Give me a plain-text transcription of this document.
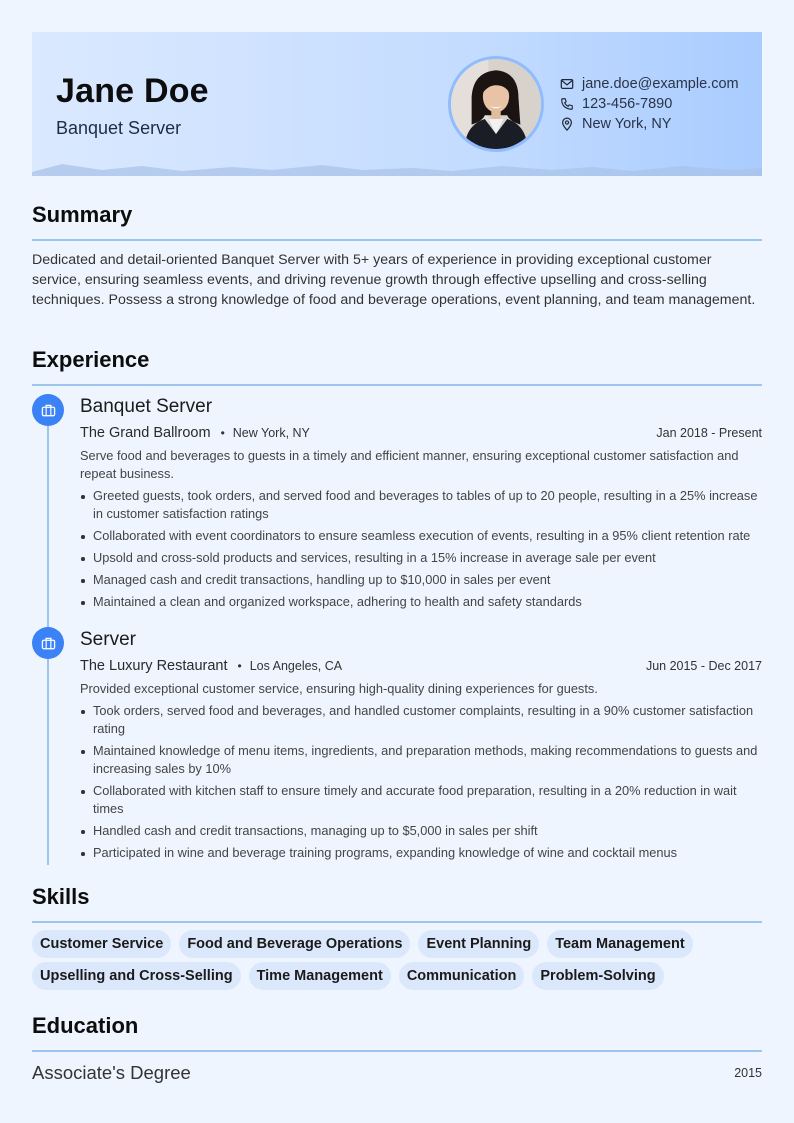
Jane Doe
Banquet Server
jane.doe@example.com
123-456-7890
New York, NY
Summary
Dedicated and detail-oriented Banquet Server with 5+ years of experience in providing exceptional customer service, ensuring seamless events, and driving revenue growth through effective upselling and cross-selling techniques. Possess a strong knowledge of food and beverage operations, event planning, and team management.
Experience
Banquet Server
The Grand Ballroom • New York, NY	Jan 2018 - Present
Serve food and beverages to guests in a timely and efficient manner, ensuring exceptional customer satisfaction and repeat business.
Greeted guests, took orders, and served food and beverages to tables of up to 20 people, resulting in a 25% increase in customer satisfaction ratings
Collaborated with event coordinators to ensure seamless execution of events, resulting in a 95% client retention rate
Upsold and cross-sold products and services, resulting in a 15% increase in average sale per event
Managed cash and credit transactions, handling up to $10,000 in sales per event
Maintained a clean and organized workspace, adhering to health and safety standards
Server
The Luxury Restaurant • Los Angeles, CA	Jun 2015 - Dec 2017
Provided exceptional customer service, ensuring high-quality dining experiences for guests.
Took orders, served food and beverages, and handled customer complaints, resulting in a 90% customer satisfaction rating
Maintained knowledge of menu items, ingredients, and preparation methods, making recommendations to guests and increasing sales by 10%
Collaborated with kitchen staff to ensure timely and accurate food preparation, resulting in a 20% reduction in wait times
Handled cash and credit transactions, managing up to $5,000 in sales per shift
Participated in wine and beverage training programs, expanding knowledge of wine and cocktail menus
Skills
Customer Service	Food and Beverage Operations	Event Planning	Team Management
Upselling and Cross-Selling	Time Management	Communication	Problem-Solving
Education
Associate's Degree	2015
